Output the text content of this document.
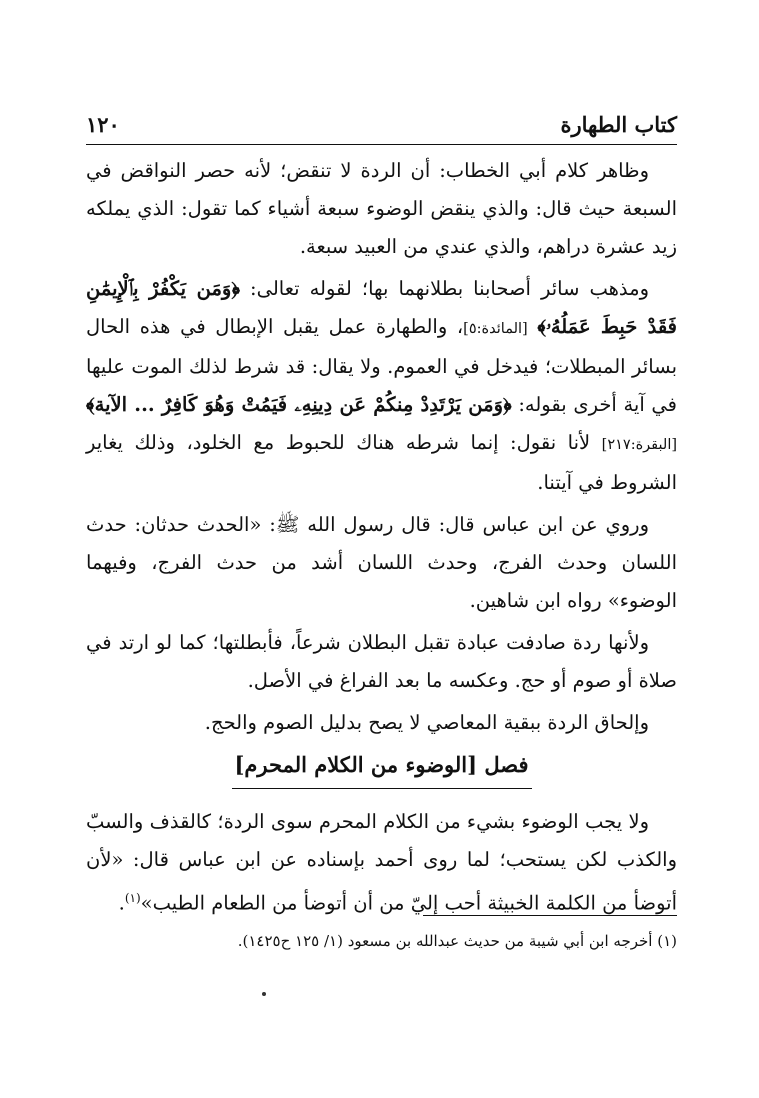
كتاب الطهارة
١٢٠

وظاهر كلام أبي الخطاب: أن الردة لا تنقض؛ لأنه حصر النواقض في السبعة حيث قال: والذي ينقض الوضوء سبعة أشياء كما تقول: الذي يملكه زيد عشرة دراهم، والذي عندي من العبيد سبعة.

ومذهب سائر أصحابنا بطلانهما بها؛ لقوله تعالى: ﴿وَمَن يَكْفُرْ بِٱلْإِيمَٰنِ فَقَدْ حَبِطَ عَمَلُهُۥ﴾ [المائدة:٥]، والطهارة عمل يقبل الإبطال في هذه الحال بسائر المبطلات؛ فيدخل في العموم. ولا يقال: قد شرط لذلك الموت عليها في آية أخرى بقوله: ﴿وَمَن يَرْتَدِدْ مِنكُمْ عَن دِينِهِۦ فَيَمُتْ وَهُوَ كَافِرٌ ... الآية﴾ [البقرة:٢١٧] لأنا نقول: إنما شرطه هناك للحبوط مع الخلود، وذلك يغاير الشروط في آيتنا.

وروي عن ابن عباس قال: قال رسول الله ﷺ: «الحدث حدثان: حدث اللسان وحدث الفرج، وحدث اللسان أشد من حدث الفرج، وفيهما الوضوء» رواه ابن شاهين.

ولأنها ردة صادفت عبادة تقبل البطلان شرعاً، فأبطلتها؛ كما لو ارتد في صلاة أو صوم أو حج. وعكسه ما بعد الفراغ في الأصل.

وإلحاق الردة ببقية المعاصي لا يصح بدليل الصوم والحج.

فصل [الوضوء من الكلام المحرم]

ولا يجب الوضوء بشيء من الكلام المحرم سوى الردة؛ كالقذف والسبّ والكذب لكن يستحب؛ لما روى أحمد بإسناده عن ابن عباس قال: «لأن أتوضأ من الكلمة الخبيثة أحب إليّ من أن أتوضأ من الطعام الطيب»$^{(١)}$.

(١) أخرجه ابن أبي شيبة من حديث عبدالله بن مسعود (١/ ١٢٥ ح١٤٢٥).
